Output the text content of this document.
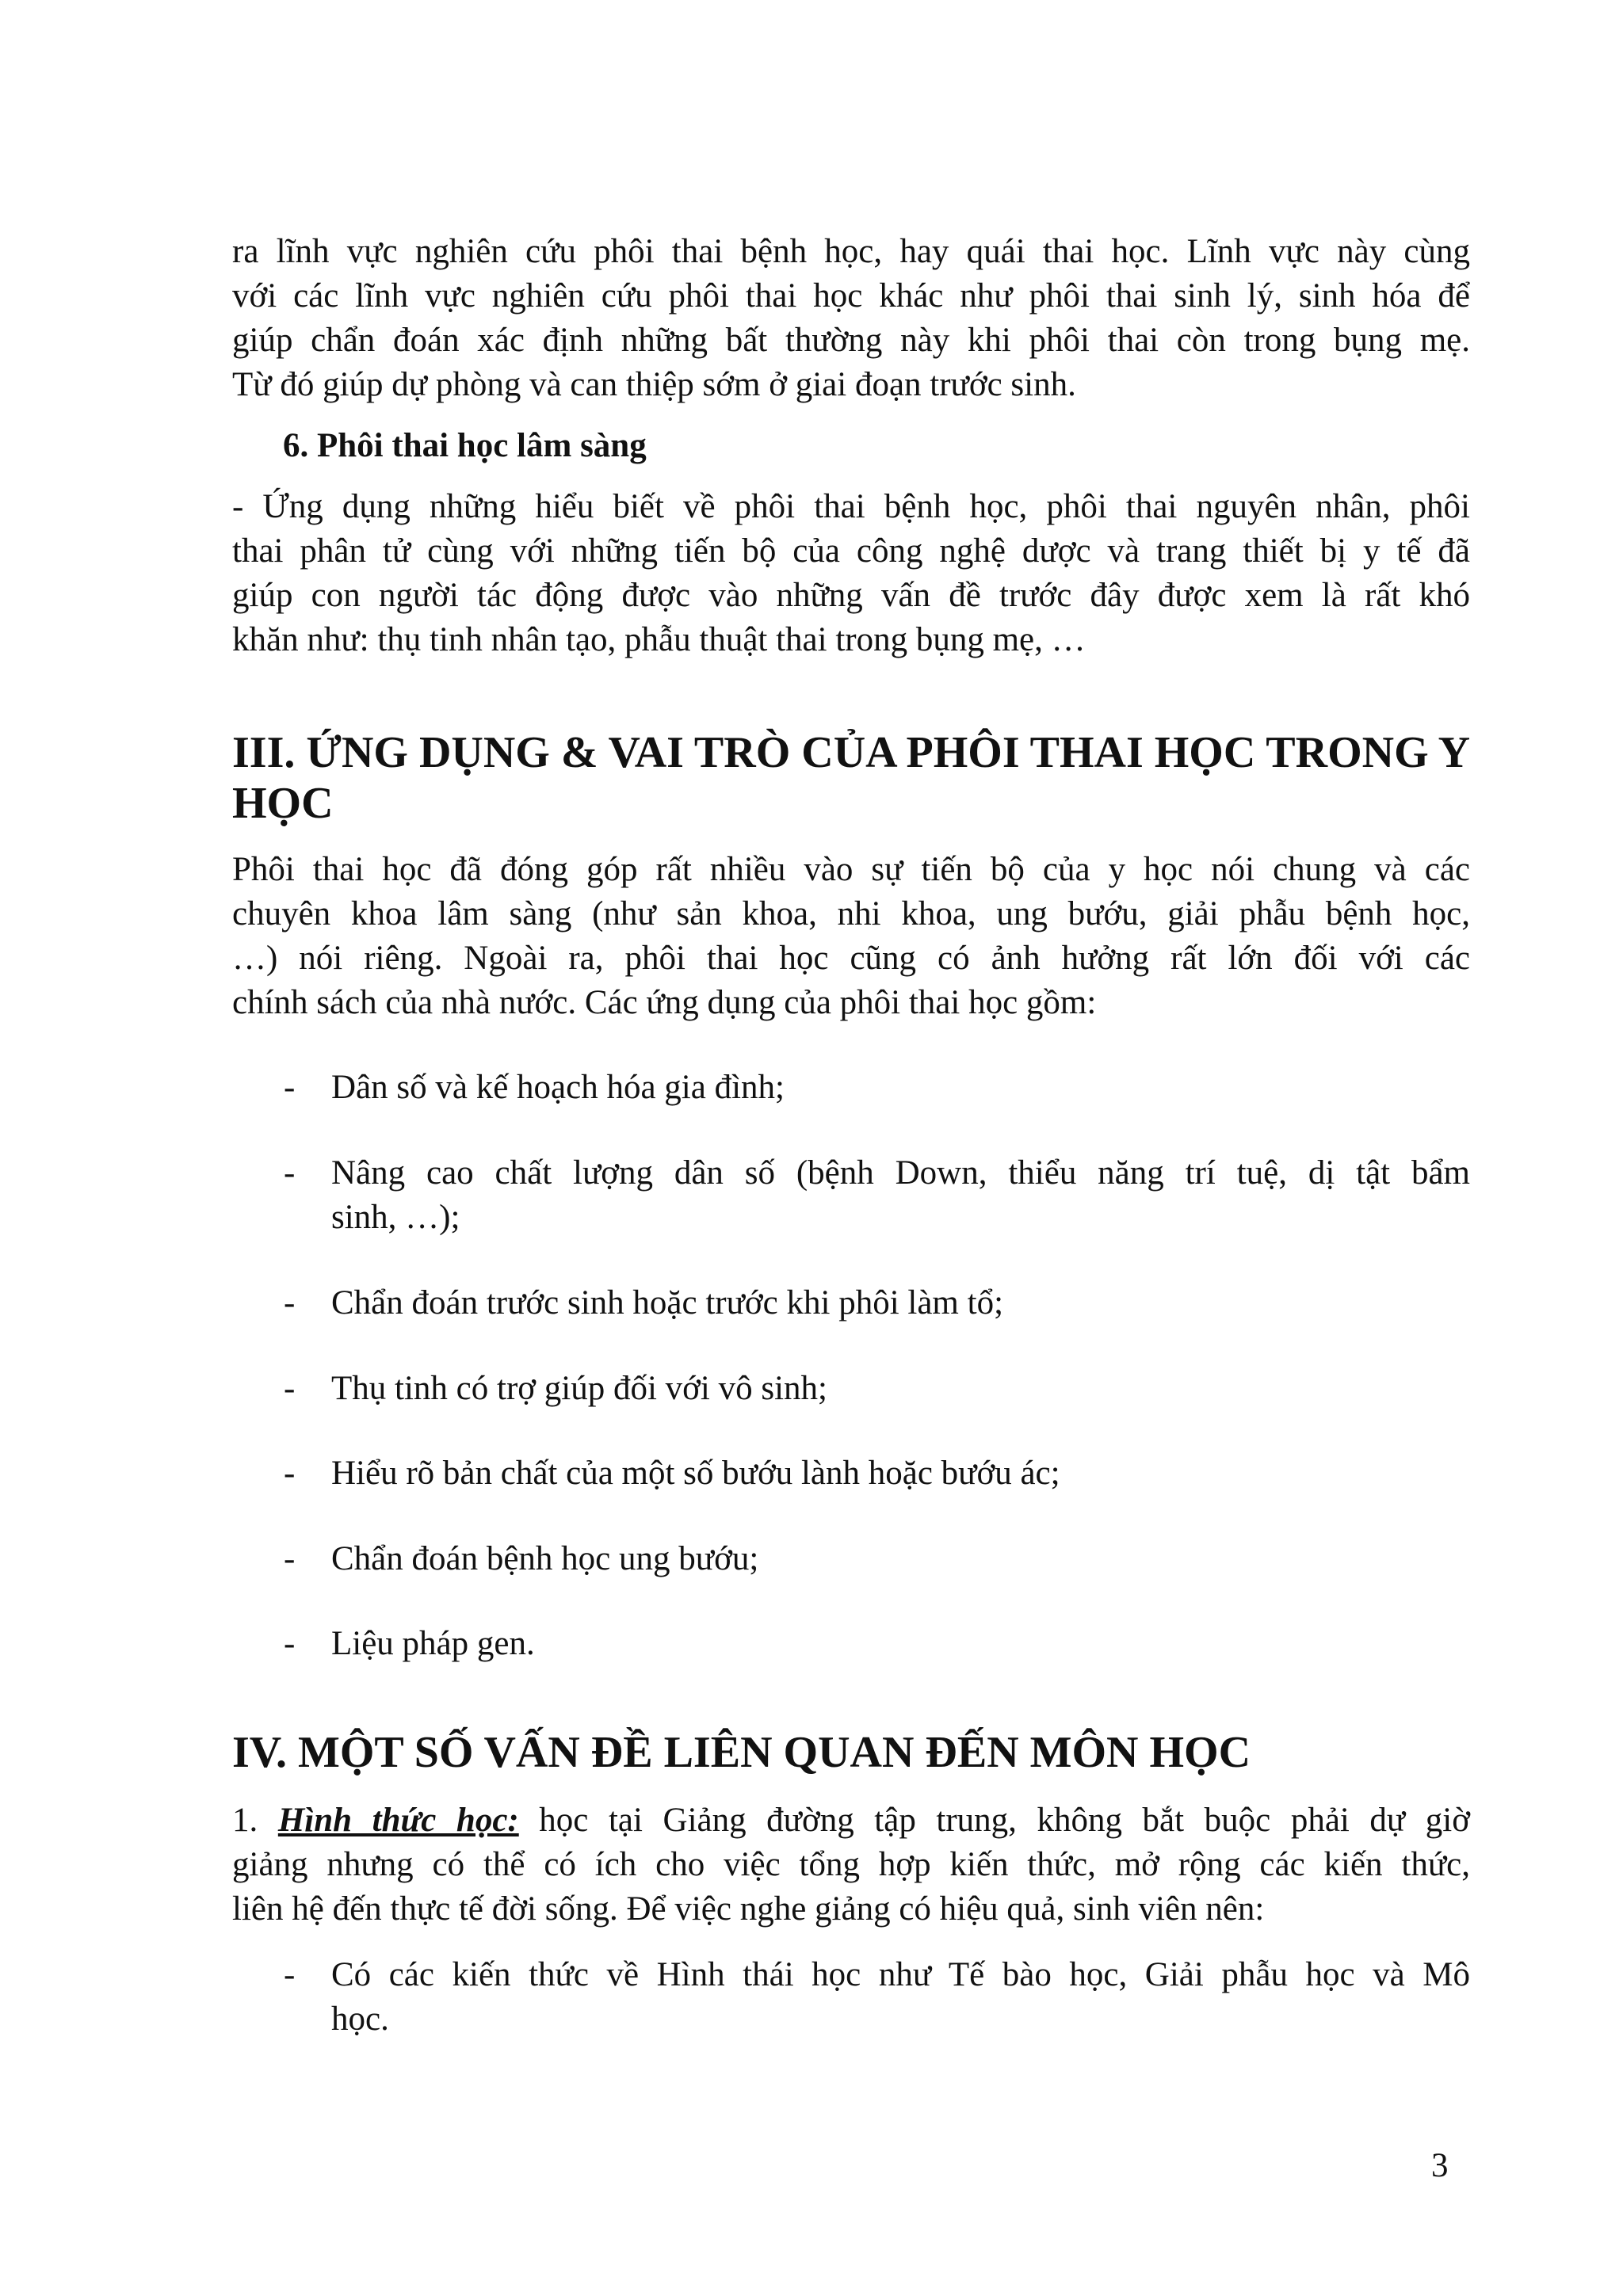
ra lĩnh vực nghiên cứu phôi thai bệnh học, hay quái thai học. Lĩnh vực này cùng
với các lĩnh vực nghiên cứu phôi thai học khác như phôi thai sinh lý, sinh hóa để
giúp chẩn đoán xác định những bất thường này khi phôi thai còn trong bụng mẹ.
Từ đó giúp dự phòng và can thiệp sớm ở giai đoạn trước sinh.
6. Phôi thai học lâm sàng
- Ứng dụng những hiểu biết về phôi thai bệnh học, phôi thai nguyên nhân, phôi
thai phân tử cùng với những tiến bộ của công nghệ dược và trang thiết bị y tế đã
giúp con người tác động được vào những vấn đề trước đây được xem là rất khó
khăn như: thụ tinh nhân tạo, phẫu thuật thai trong bụng mẹ, …
III. ỨNG DỤNG & VAI TRÒ CỦA PHÔI THAI HỌC TRONG Y
HỌC
Phôi thai học đã đóng góp rất nhiều vào sự tiến bộ của y học nói chung và các
chuyên khoa lâm sàng (như sản khoa, nhi khoa, ung bướu, giải phẫu bệnh học,
…) nói riêng. Ngoài ra, phôi thai học cũng có ảnh hưởng rất lớn đối với các
chính sách của nhà nước. Các ứng dụng của phôi thai học gồm:
- Dân số và kế hoạch hóa gia đình;
- Nâng cao chất lượng dân số (bệnh Down, thiểu năng trí tuệ, dị tật bẩm
sinh, …);
- Chẩn đoán trước sinh hoặc trước khi phôi làm tổ;
- Thụ tinh có trợ giúp đối với vô sinh;
- Hiểu rõ bản chất của một số bướu lành hoặc bướu ác;
- Chẩn đoán bệnh học ung bướu;
- Liệu pháp gen.
IV. MỘT SỐ VẤN ĐỀ LIÊN QUAN ĐẾN MÔN HỌC
1. Hình thức học: học tại Giảng đường tập trung, không bắt buộc phải dự giờ
giảng nhưng có thể có ích cho việc tổng hợp kiến thức, mở rộng các kiến thức,
liên hệ đến thực tế đời sống. Để việc nghe giảng có hiệu quả, sinh viên nên:
- Có các kiến thức về Hình thái học như Tế bào học, Giải phẫu học và Mô
học.
3
